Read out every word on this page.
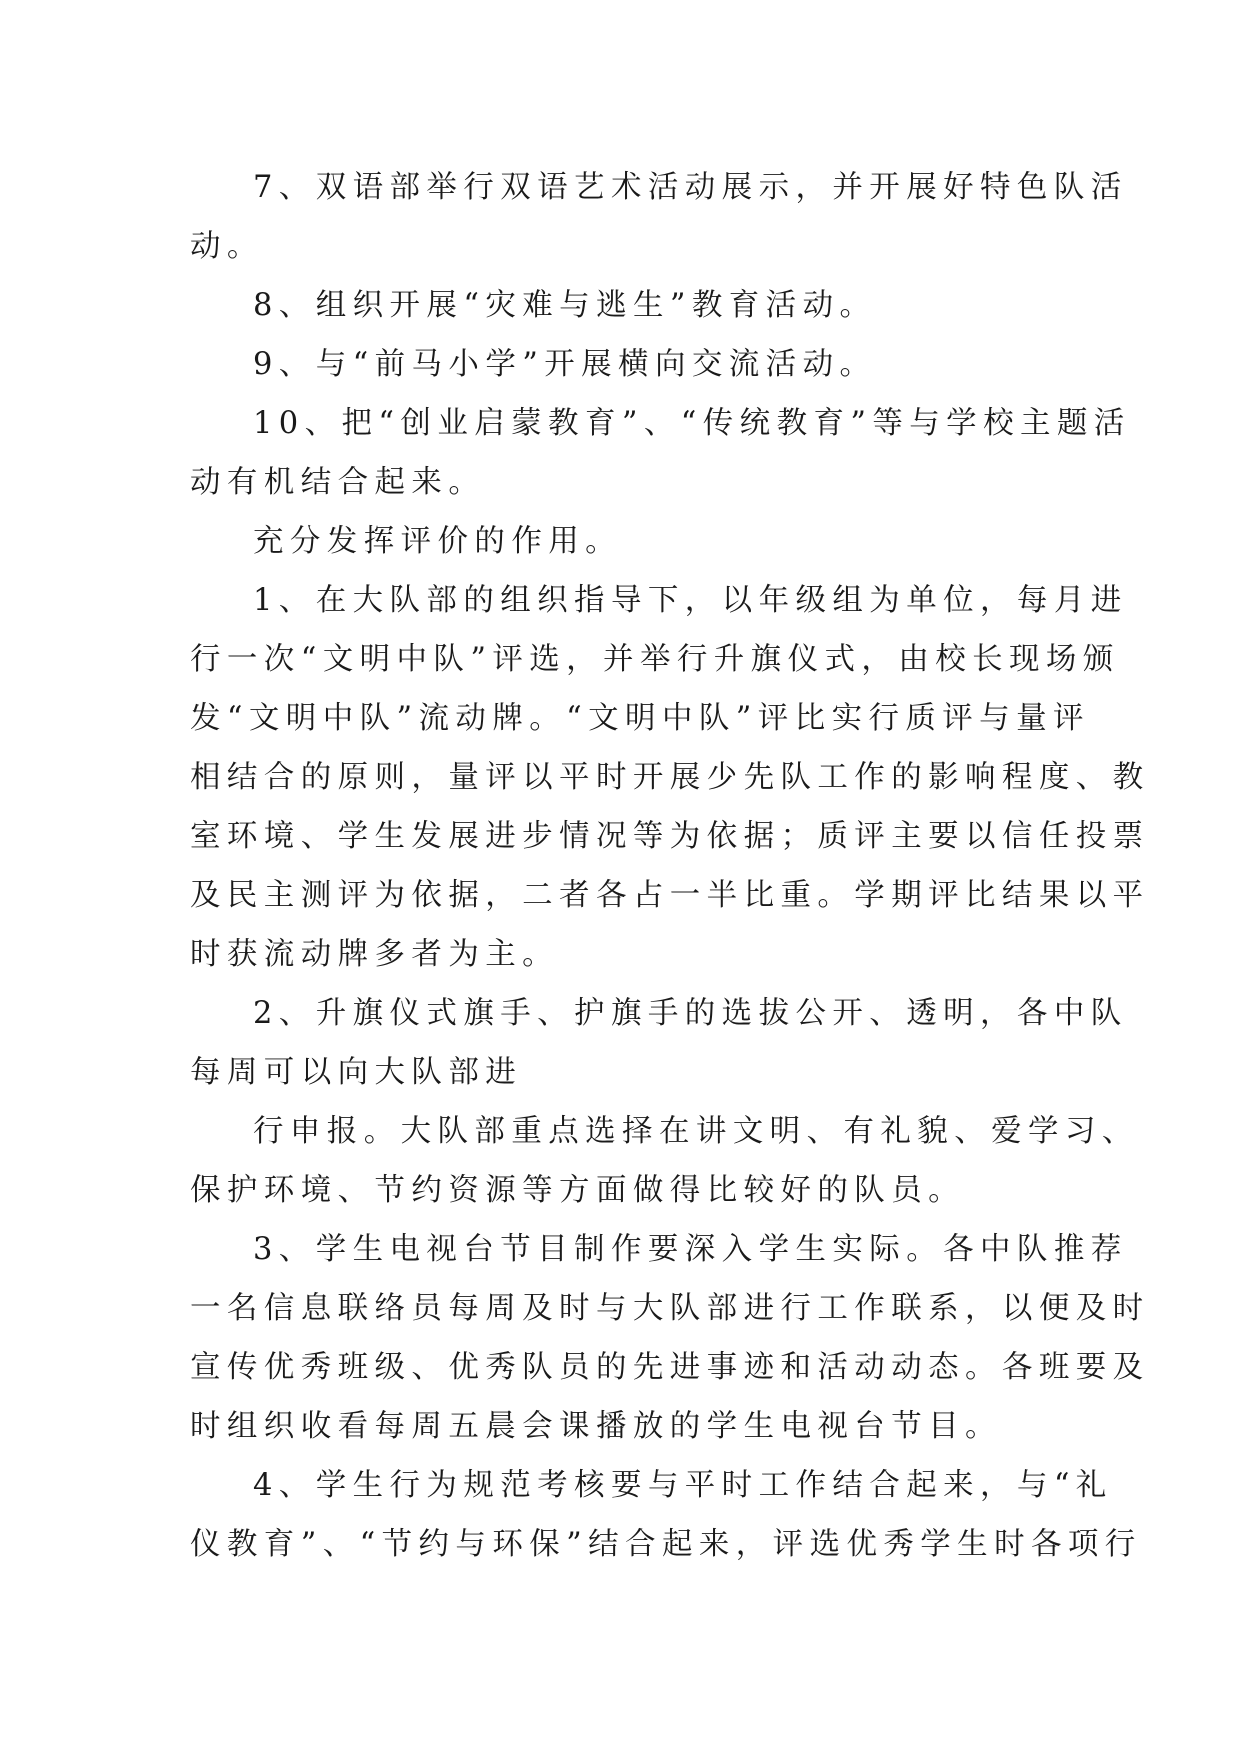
7、双语部举行双语艺术活动展示，并开展好特色队活

动。

8、组织开展“灾难与逃生”教育活动。

9、与“前马小学”开展横向交流活动。

10、把“创业启蒙教育”、“传统教育”等与学校主题活

动有机结合起来。

充分发挥评价的作用。

1、在大队部的组织指导下，以年级组为单位，每月进

行一次“文明中队”评选，并举行升旗仪式，由校长现场颁

发“文明中队”流动牌。“文明中队”评比实行质评与量评

相结合的原则，量评以平时开展少先队工作的影响程度、教

室环境、学生发展进步情况等为依据；质评主要以信任投票

及民主测评为依据，二者各占一半比重。学期评比结果以平

时获流动牌多者为主。

2、升旗仪式旗手、护旗手的选拔公开、透明，各中队

每周可以向大队部进

行申报。大队部重点选择在讲文明、有礼貌、爱学习、

保护环境、节约资源等方面做得比较好的队员。

3、学生电视台节目制作要深入学生实际。各中队推荐

一名信息联络员每周及时与大队部进行工作联系，以便及时

宣传优秀班级、优秀队员的先进事迹和活动动态。各班要及

时组织收看每周五晨会课播放的学生电视台节目。

4、学生行为规范考核要与平时工作结合起来，与“礼

仪教育”、“节约与环保”结合起来，评选优秀学生时各项行
